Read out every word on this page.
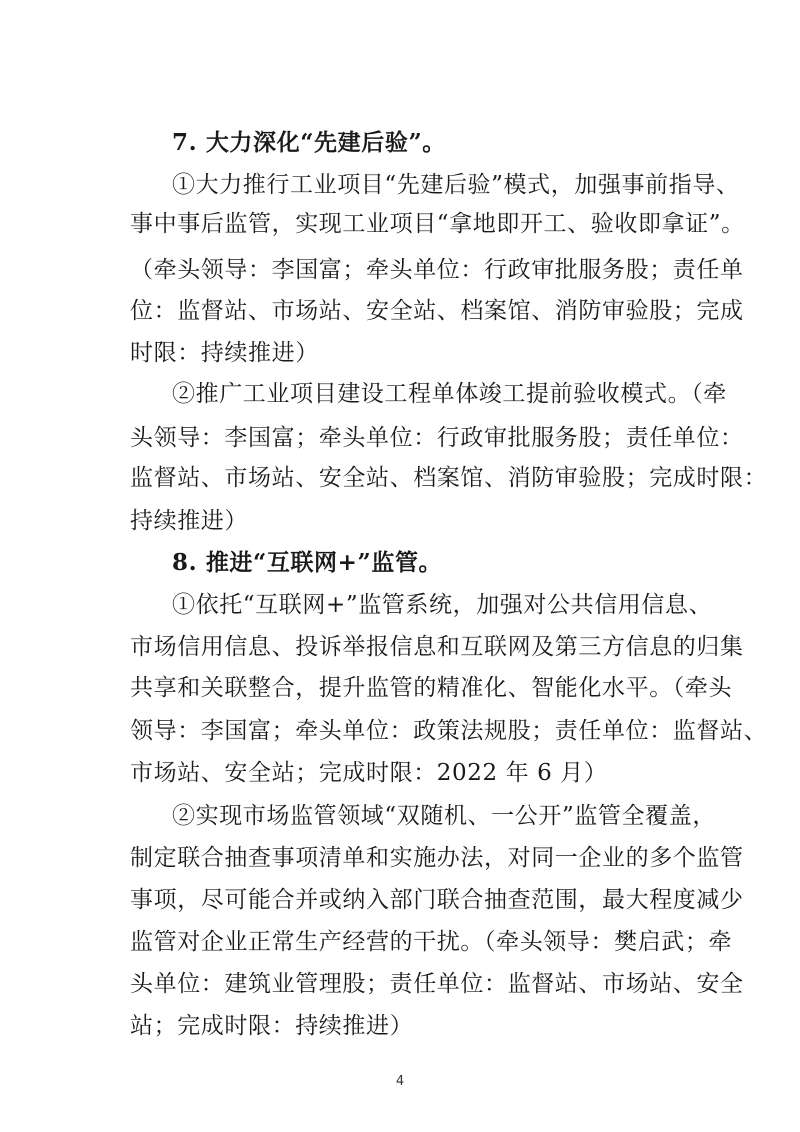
7. 大力深化“先建后验”。
①大力推行工业项目“先建后验”模式，加强事前指导、
事中事后监管，实现工业项目“拿地即开工、验收即拿证”。
（牵头领导：李国富；牵头单位：行政审批服务股；责任单
位：监督站、市场站、安全站、档案馆、消防审验股；完成
时限：持续推进）
②推广工业项目建设工程单体竣工提前验收模式。（牵
头领导：李国富；牵头单位：行政审批服务股；责任单位：
监督站、市场站、安全站、档案馆、消防审验股；完成时限：
持续推进）
8. 推进“互联网+”监管。
①依托“互联网+”监管系统，加强对公共信用信息、
市场信用信息、投诉举报信息和互联网及第三方信息的归集
共享和关联整合，提升监管的精准化、智能化水平。（牵头
领导：李国富；牵头单位：政策法规股；责任单位：监督站、
市场站、安全站；完成时限：2022 年 6 月）
②实现市场监管领域“双随机、一公开”监管全覆盖，
制定联合抽查事项清单和实施办法，对同一企业的多个监管
事项，尽可能合并或纳入部门联合抽查范围，最大程度减少
监管对企业正常生产经营的干扰。（牵头领导：樊启武；牵
头单位：建筑业管理股；责任单位：监督站、市场站、安全
站；完成时限：持续推进）
4
